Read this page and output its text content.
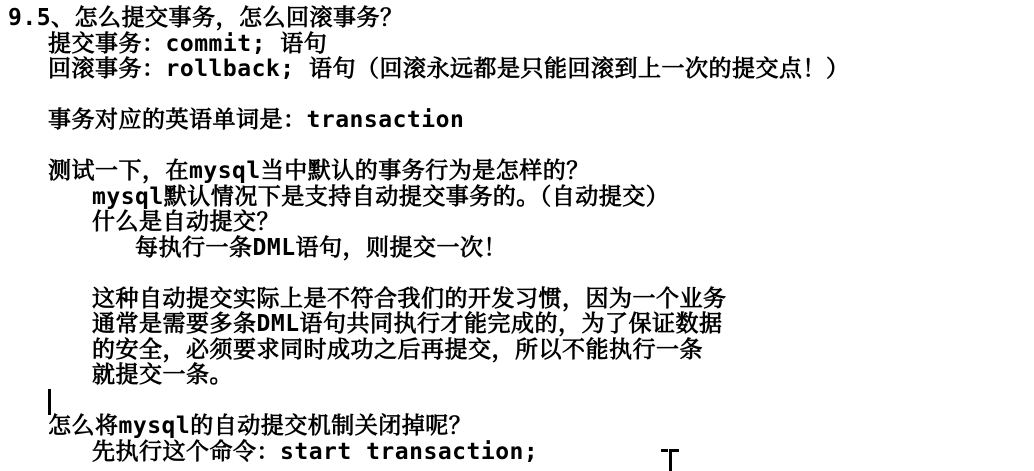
9.5、怎么提交事务，怎么回滚事务？
提交事务：commit; 语句
回滚事务：rollback; 语句（回滚永远都是只能回滚到上一次的提交点！）
事务对应的英语单词是：transaction
测试一下，在mysql当中默认的事务行为是怎样的？
mysql默认情况下是支持自动提交事务的。（自动提交）
什么是自动提交？
每执行一条DML语句，则提交一次！
这种自动提交实际上是不符合我们的开发习惯，因为一个业务
通常是需要多条DML语句共同执行才能完成的，为了保证数据
的安全，必须要求同时成功之后再提交，所以不能执行一条
就提交一条。
怎么将mysql的自动提交机制关闭掉呢？
先执行这个命令：start transaction;
